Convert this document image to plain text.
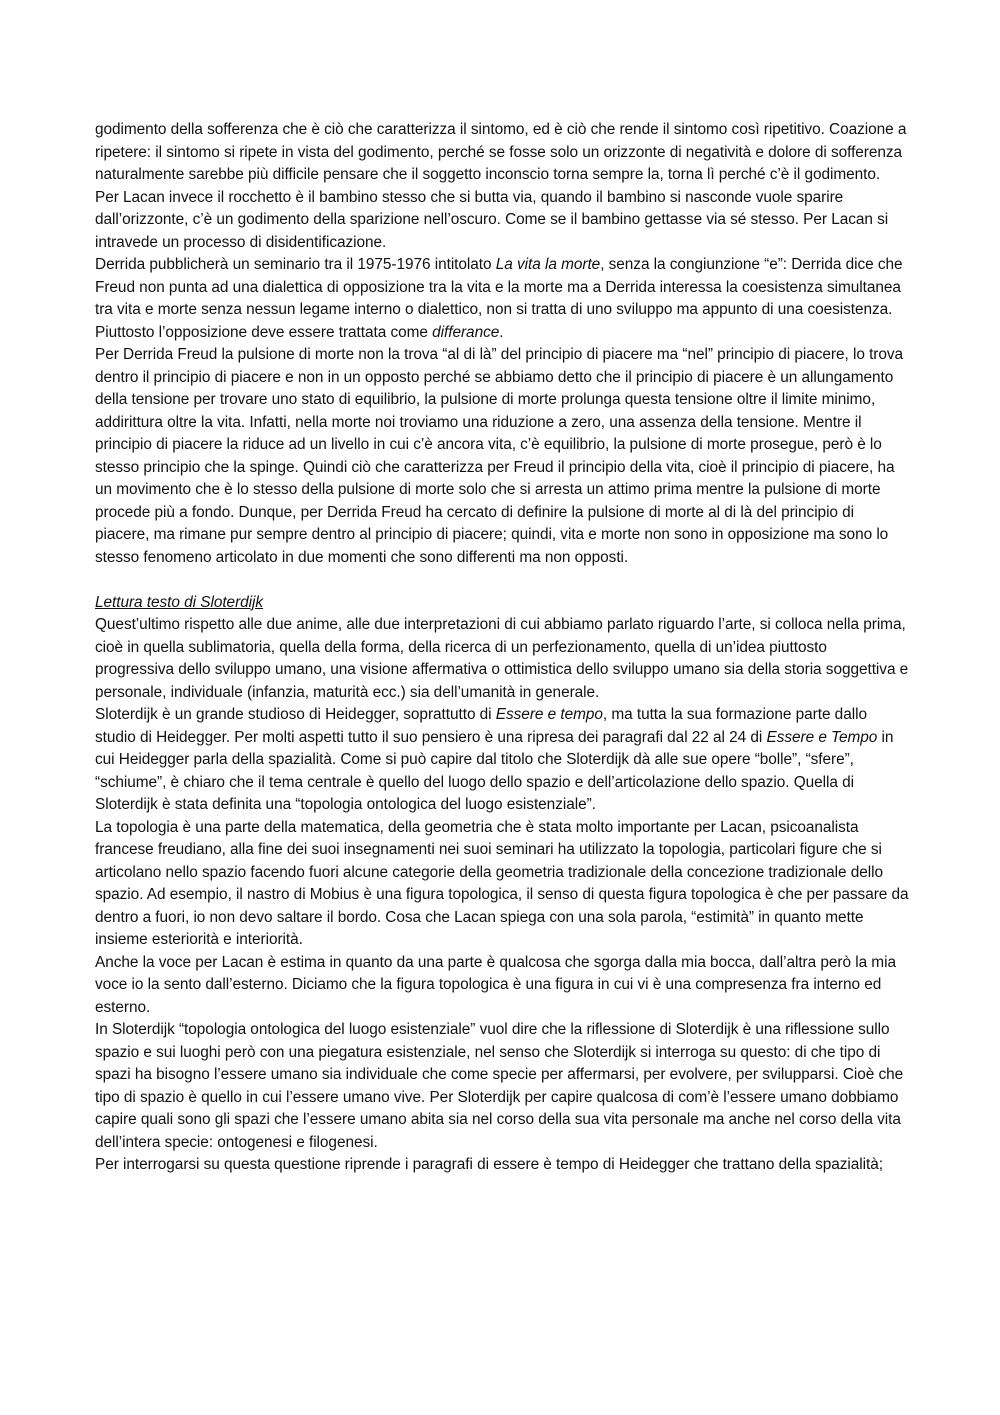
godimento della sofferenza che è ciò che caratterizza il sintomo, ed è ciò che rende il sintomo così ripetitivo. Coazione a ripetere: il sintomo si ripete in vista del godimento, perché se fosse solo un orizzonte di negatività e dolore di sofferenza naturalmente sarebbe più difficile pensare che il soggetto inconscio torna sempre la, torna lì perché c’è il godimento.

Per Lacan invece il rocchetto è il bambino stesso che si butta via, quando il bambino si nasconde vuole sparire dall’orizzonte, c’è un godimento della sparizione nell’oscuro. Come se il bambino gettasse via sé stesso. Per Lacan si intravede un processo di disidentificazione.

Derrida pubblicherà un seminario tra il 1975-1976 intitolato La vita la morte, senza la congiunzione “e”: Derrida dice che Freud non punta ad una dialettica di opposizione tra la vita e la morte ma a Derrida interessa la coesistenza simultanea tra vita e morte senza nessun legame interno o dialettico, non si tratta di uno sviluppo ma appunto di una coesistenza. Piuttosto l’opposizione deve essere trattata come differance.

Per Derrida Freud la pulsione di morte non la trova “al di là” del principio di piacere ma “nel” principio di piacere, lo trova dentro il principio di piacere e non in un opposto perché se abbiamo detto che il principio di piacere è un allungamento della tensione per trovare uno stato di equilibrio, la pulsione di morte prolunga questa tensione oltre il limite minimo, addirittura oltre la vita. Infatti, nella morte noi troviamo una riduzione a zero, una assenza della tensione. Mentre il principio di piacere la riduce ad un livello in cui c’è ancora vita, c’è equilibrio, la pulsione di morte prosegue, però è lo stesso principio che la spinge. Quindi ciò che caratterizza per Freud il principio della vita, cioè il principio di piacere, ha un movimento che è lo stesso della pulsione di morte solo che si arresta un attimo prima mentre la pulsione di morte procede più a fondo. Dunque, per Derrida Freud ha cercato di definire la pulsione di morte al di là del principio di piacere, ma rimane pur sempre dentro al principio di piacere; quindi, vita e morte non sono in opposizione ma sono lo stesso fenomeno articolato in due momenti che sono differenti ma non opposti.

Lettura testo di Sloterdijk

Quest’ultimo rispetto alle due anime, alle due interpretazioni di cui abbiamo parlato riguardo l’arte, si colloca nella prima, cioè in quella sublimatoria, quella della forma, della ricerca di un perfezionamento, quella di un’idea piuttosto progressiva dello sviluppo umano, una visione affermativa o ottimistica dello sviluppo umano sia della storia soggettiva e personale, individuale (infanzia, maturità ecc.) sia dell’umanità in generale.

Sloterdijk è un grande studioso di Heidegger, soprattutto di Essere e tempo, ma tutta la sua formazione parte dallo studio di Heidegger. Per molti aspetti tutto il suo pensiero è una ripresa dei paragrafi dal 22 al 24 di Essere e Tempo in cui Heidegger parla della spazialità. Come si può capire dal titolo che Sloterdijk dà alle sue opere “bolle”, “sfere”, “schiume”, è chiaro che il tema centrale è quello del luogo dello spazio e dell’articolazione dello spazio. Quella di Sloterdijk è stata definita una “topologia ontologica del luogo esistenziale”.

La topologia è una parte della matematica, della geometria che è stata molto importante per Lacan, psicoanalista francese freudiano, alla fine dei suoi insegnamenti nei suoi seminari ha utilizzato la topologia, particolari figure che si articolano nello spazio facendo fuori alcune categorie della geometria tradizionale della concezione tradizionale dello spazio. Ad esempio, il nastro di Mobius è una figura topologica, il senso di questa figura topologica è che per passare da dentro a fuori, io non devo saltare il bordo. Cosa che Lacan spiega con una sola parola, “estimità” in quanto mette insieme esteriorità e interiorità.

Anche la voce per Lacan è estima in quanto da una parte è qualcosa che sgorga dalla mia bocca, dall’altra però la mia voce io la sento dall’esterno. Diciamo che la figura topologica è una figura in cui vi è una compresenza fra interno ed esterno.

In Sloterdijk “topologia ontologica del luogo esistenziale” vuol dire che la riflessione di Sloterdijk è una riflessione sullo spazio e sui luoghi però con una piegatura esistenziale, nel senso che Sloterdijk si interroga su questo: di che tipo di spazi ha bisogno l’essere umano sia individuale che come specie per affermarsi, per evolvere, per svilupparsi. Cioè che tipo di spazio è quello in cui l’essere umano vive. Per Sloterdijk per capire qualcosa di com’è l’essere umano dobbiamo capire quali sono gli spazi che l’essere umano abita sia nel corso della sua vita personale ma anche nel corso della vita dell’intera specie: ontogenesi e filogenesi.

Per interrogarsi su questa questione riprende i paragrafi di essere è tempo di Heidegger che trattano della spazialità;
